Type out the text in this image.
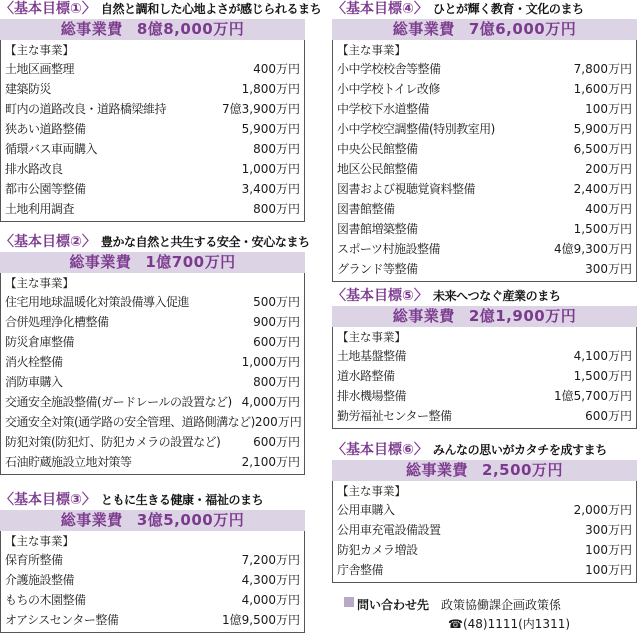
〈基本目標①〉 自然と調和した心地よさが感じられるまち
総事業費 8億8,000万円
【主な事業】
土地区画整理	400万円
建築防災	1,800万円
町内の道路改良・道路橋梁維持	7億3,900万円
狭あい道路整備	5,900万円
循環バス車両購入	800万円
排水路改良	1,000万円
都市公園等整備	3,400万円
土地利用調査	800万円
〈基本目標②〉 豊かな自然と共生する安全・安心なまち
総事業費 1億700万円
【主な事業】
住宅用地球温暖化対策設備導入促進	500万円
合併処理浄化槽整備	900万円
防災倉庫整備	600万円
消火栓整備	1,000万円
消防車購入	800万円
交通安全施設整備(ガードレールの設置など) 4,000万円
交通安全対策(通学路の安全管理、道路側溝など) 200万円
防犯対策(防犯灯、防犯カメラの設置など)	600万円
石油貯蔵施設立地対策等	2,100万円
〈基本目標③〉 ともに生きる健康・福祉のまち
総事業費 3億5,000万円
【主な事業】
保育所整備	7,200万円
介護施設整備	4,300万円
もちの木園整備	4,000万円
オアシスセンター整備	1億9,500万円
〈基本目標④〉 ひとが輝く教育・文化のまち
総事業費 7億6,000万円
【主な事業】
小中学校校舎等整備	7,800万円
小中学校トイレ改修	1,600万円
中学校下水道整備	100万円
小中学校空調整備(特別教室用)	5,900万円
中央公民館整備	6,500万円
地区公民館整備	200万円
図書および視聴覚資料整備	2,400万円
図書館整備	400万円
図書館増築整備	1,500万円
スポーツ村施設整備	4億9,300万円
グランド等整備	300万円
〈基本目標⑤〉 未来へつなぐ産業のまち
総事業費 2億1,900万円
【主な事業】
土地基盤整備	4,100万円
道水路整備	1,500万円
排水機場整備	1億5,700万円
勤労福祉センター整備	600万円
〈基本目標⑥〉 みんなの思いがカタチを成すまち
総事業費 2,500万円
【主な事業】
公用車購入	2,000万円
公用車充電設備設置	300万円
防犯カメラ増設	100万円
庁舎整備	100万円
問い合わせ先 政策協働課企画政策係
☎(48)1111(内1311)
